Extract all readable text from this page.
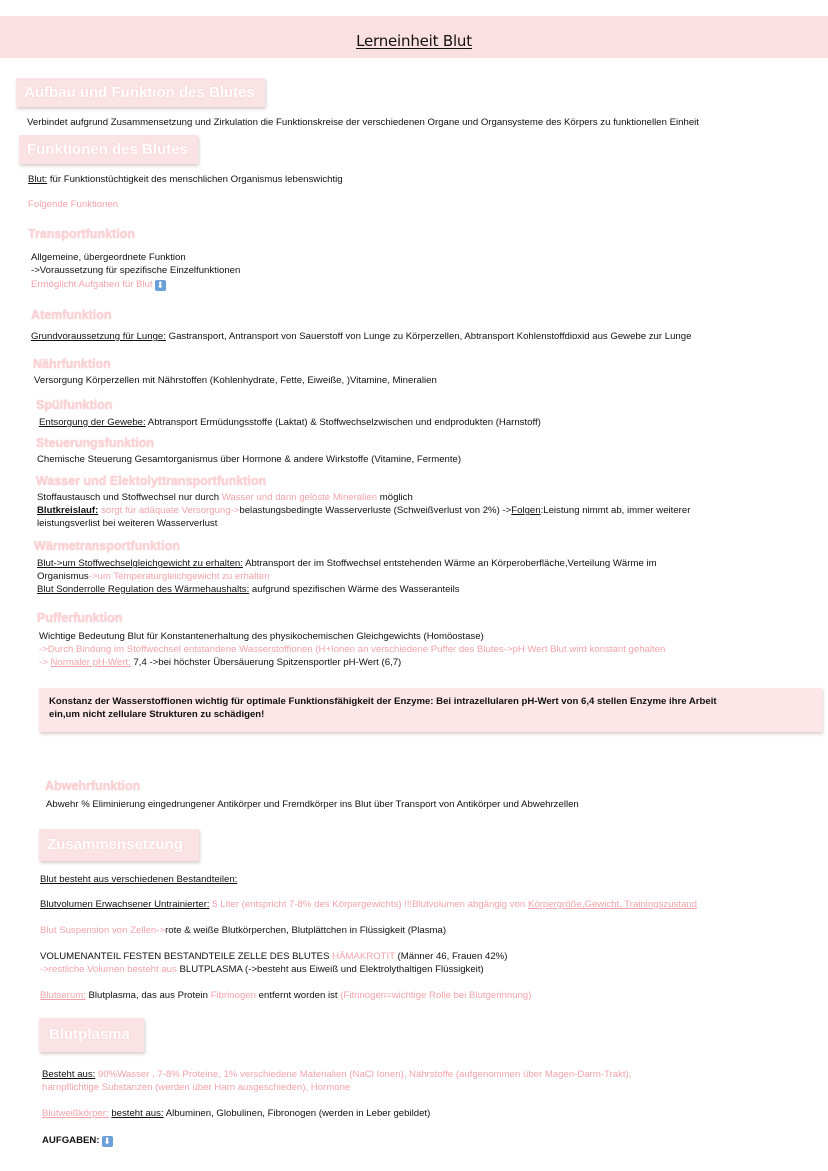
Lerneinheit Blut
Aufbau und Funktion des Blutes
Verbindet aufgrund Zusammensetzung und Zirkulation die Funktionskreise der verschiedenen Organe und Organsysteme des Körpers zu funktionellen Einheit
Funktionen des Blutes
Blut: für Funktionstüchtigkeit des menschlichen Organismus lebenswichtig
Folgende Funktionen
Transportfunktion
Allgemeine, übergeordnete Funktion
->Voraussetzung für spezifische Einzelfunktionen
Ermöglicht Aufgaben für Blut ⬇
Atemfunktion
Grundvoraussetzung für Lunge: Gastransport, Antransport von Sauerstoff von Lunge zu Körperzellen, Abtransport Kohlenstoffdioxid aus Gewebe zur Lunge
Nährfunktion
Versorgung Körperzellen mit Nährstoffen (Kohlenhydrate, Fette, Eiweiße, )Vitamine, Mineralien
Spülfunktion
Entsorgung der Gewebe: Abtransport Ermüdungsstoffe (Laktat) & Stoffwechselzwischen und endprodukten (Harnstoff)
Steuerungsfunktion
Chemische Steuerung Gesamtorganismus über Hormone & andere Wirkstoffe (Vitamine, Fermente)
Wasser und Elektolyttransportfunktion
Stoffaustausch und Stoffwechsel nur durch Wasser und darin gelöste Mineralien möglich
Blutkreislauf: sorgt für adäquate Versorgung->belastungsbedingte Wasserverluste (Schweißverlust von 2%) ->Folgen:Leistung nimmt ab, immer weiterer
leistungsverlist bei weiteren Wasserverlust
Wärmetransportfunktion
Blut->um Stoffwechselgleichgewicht zu erhalten: Abtransport der im Stoffwechsel entstehenden Wärme an Körperoberfläche,Verteilung Wärme im
Organismus->um Temperaturgleichgewicht zu erhalten
Blut Sonderrolle Regulation des Wärmehaushalts: aufgrund spezifischen Wärme des Wasseranteils
Pufferfunktion
Wichtige Bedeutung Blut für Konstantenerhaltung des physikochemischen Gleichgewichts (Homöostase)
->Durch Bindung im Stoffwechsel entstandene Wasserstoffionen (H+Ionen an verschiedene Puffer des Blutes->pH Wert Blut wird konstant gehalten
-> Normaler pH-Wert: 7,4 ->bei höchster Übersäuerung Spitzensportler pH-Wert (6,7)
Konstanz der Wasserstoffionen wichtig für optimale Funktionsfähigkeit der Enzyme: Bei intrazellularen pH-Wert von 6,4 stellen Enzyme ihre Arbeit
ein,um nicht zellulare Strukturen zu schädigen!
Abwehrfunktion
Abwehr % Eliminierung eingedrungener Antikörper und Fremdkörper ins Blut über Transport von Antikörper und Abwehrzellen
Zusammensetzung
Blut besteht aus verschiedenen Bestandteilen:
Blutvolumen Erwachsener Untrainierter: 5 Liter (entspricht 7-8% des Körpergewichts) !!!Blutvolumen abgängig von Körpergröße,Gewicht, Trainingszustand
Blut Suspension von Zellen->rote & weiße Blutkörperchen, Blutplättchen in Flüssigkeit (Plasma)
VOLUMENANTEIL FESTEN BESTANDTEILE ZELLE DES BLUTES HÄMAKROTIT (Männer 46, Frauen 42%)
->restliche Volumen besteht aus BLUTPLASMA (->besteht aus Eiweiß und Elektrolythaltigen Flüssigkeit)
Blutserum: Blutplasma, das aus Protein Fibrinogen entfernt worden ist (Fitrinogen=wichtige Rolle bei Blutgerinnung)
Blutplasma
Besteht aus: 90%Wasser , 7-8% Proteine, 1% verschiedene Materialien (NaCl Ionen), Nährstoffe (aufgenommen über Magen-Darm-Trakt),
harnpflichtige Substanzen (werden über Harn ausgeschieden), Hormone
Blutweißkörper: besteht aus: Albuminen, Globulinen, Fibronogen (werden in Leber gebildet)
AUFGABEN: ⬇
